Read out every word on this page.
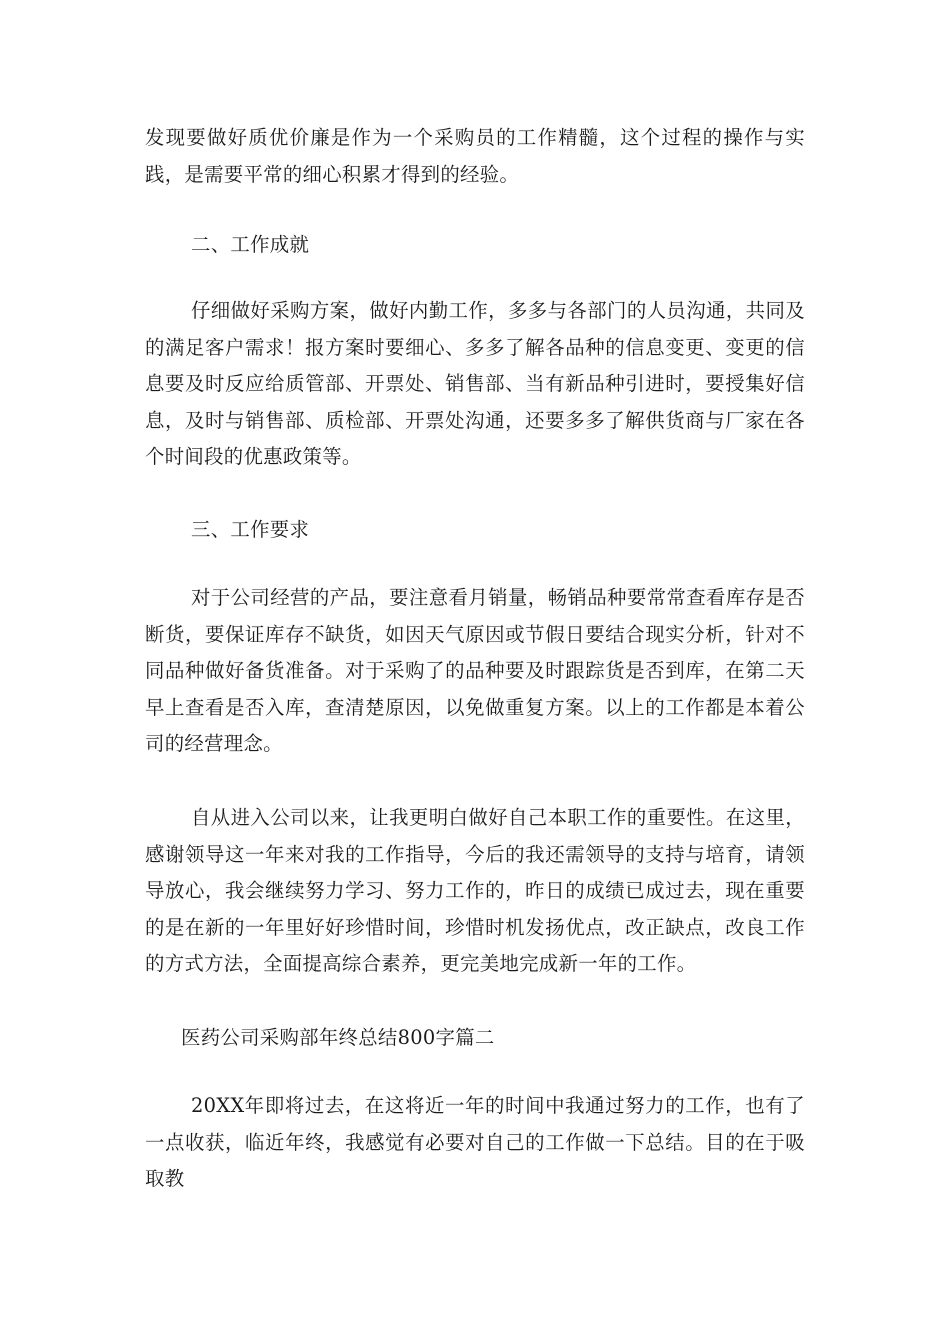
发现要做好质优价廉是作为一个采购员的工作精髓，这个过程的操作与实践，是需要平常的细心积累才得到的经验。

二、工作成就

仔细做好采购方案，做好内勤工作，多多与各部门的人员沟通，共同及的满足客户需求！报方案时要细心、多多了解各品种的信息变更、变更的信息要及时反应给质管部、开票处、销售部、当有新品种引进时，要授集好信息，及时与销售部、质检部、开票处沟通，还要多多了解供货商与厂家在各个时间段的优惠政策等。

三、工作要求

对于公司经营的产品，要注意看月销量，畅销品种要常常查看库存是否断货，要保证库存不缺货，如因天气原因或节假日要结合现实分析，针对不同品种做好备货准备。对于采购了的品种要及时跟踪货是否到库，在第二天早上查看是否入库，查清楚原因，以免做重复方案。以上的工作都是本着公司的经营理念。

自从进入公司以来，让我更明白做好自己本职工作的重要性。在这里，感谢领导这一年来对我的工作指导，今后的我还需领导的支持与培育，请领导放心，我会继续努力学习、努力工作的，昨日的成绩已成过去，现在重要的是在新的一年里好好珍惜时间，珍惜时机发扬优点，改正缺点，改良工作的方式方法，全面提高综合素养，更完美地完成新一年的工作。

医药公司采购部年终总结800字篇二

20XX年即将过去，在这将近一年的时间中我通过努力的工作，也有了一点收获，临近年终，我感觉有必要对自己的工作做一下总结。目的在于吸取教
